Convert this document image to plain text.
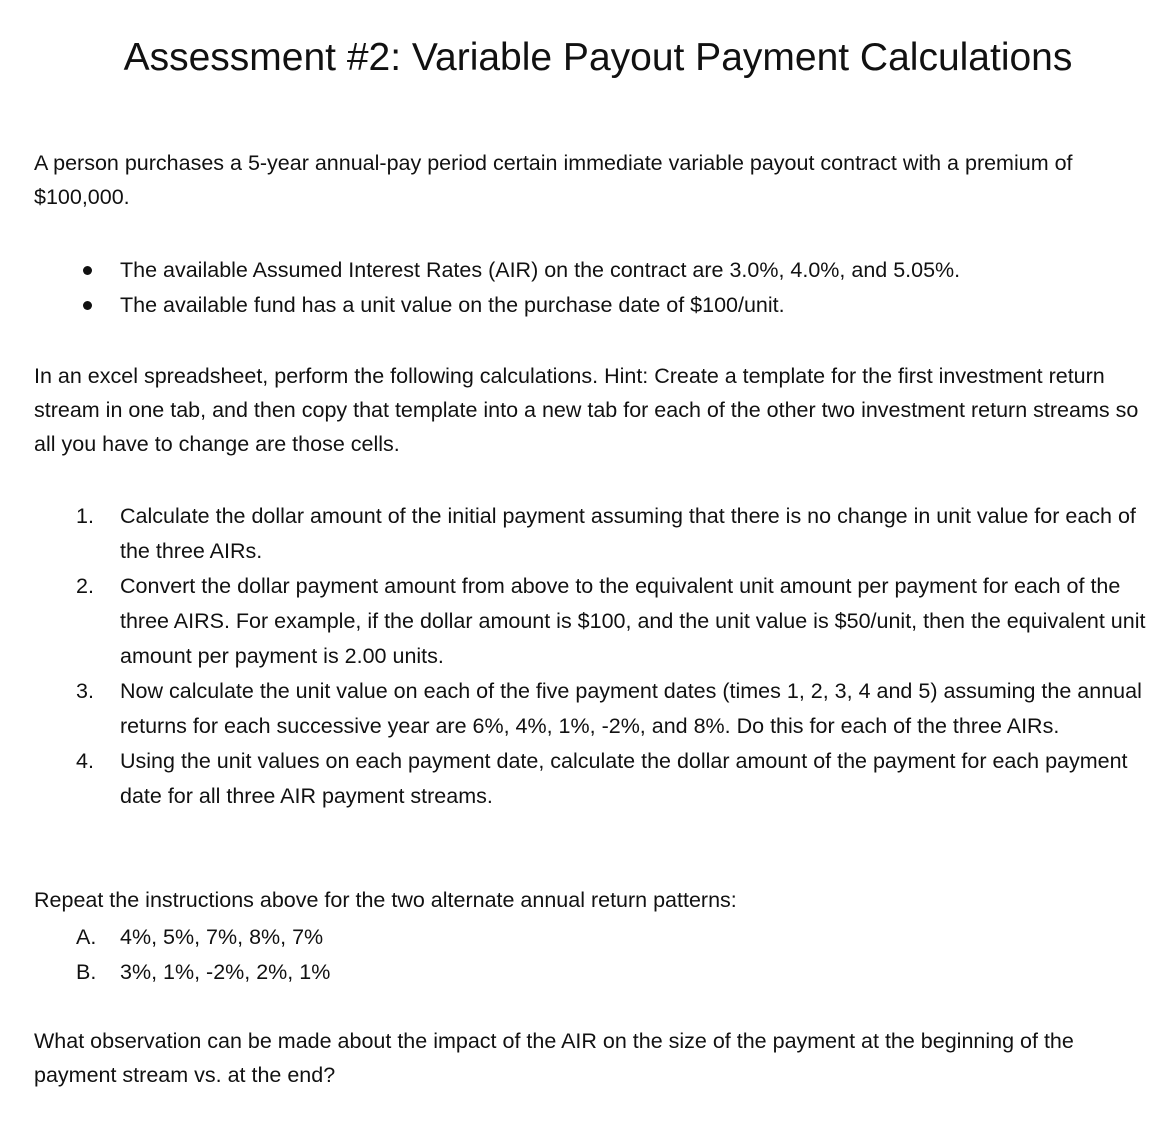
Assessment #2: Variable Payout Payment Calculations
A person purchases a 5-year annual-pay period certain immediate variable payout contract with a premium of $100,000.
The available Assumed Interest Rates (AIR) on the contract are 3.0%, 4.0%, and 5.05%.
The available fund has a unit value on the purchase date of $100/unit.
In an excel spreadsheet, perform the following calculations. Hint: Create a template for the first investment return stream in one tab, and then copy that template into a new tab for each of the other two investment return streams so all you have to change are those cells.
1. Calculate the dollar amount of the initial payment assuming that there is no change in unit value for each of the three AIRs.
2. Convert the dollar payment amount from above to the equivalent unit amount per payment for each of the three AIRS. For example, if the dollar amount is $100, and the unit value is $50/unit, then the equivalent unit amount per payment is 2.00 units.
3. Now calculate the unit value on each of the five payment dates (times 1, 2, 3, 4 and 5) assuming the annual returns for each successive year are 6%, 4%, 1%, -2%, and 8%. Do this for each of the three AIRs.
4. Using the unit values on each payment date, calculate the dollar amount of the payment for each payment date for all three AIR payment streams.
Repeat the instructions above for the two alternate annual return patterns:
A. 4%, 5%, 7%, 8%, 7%
B. 3%, 1%, -2%, 2%, 1%
What observation can be made about the impact of the AIR on the size of the payment at the beginning of the payment stream vs. at the end?
